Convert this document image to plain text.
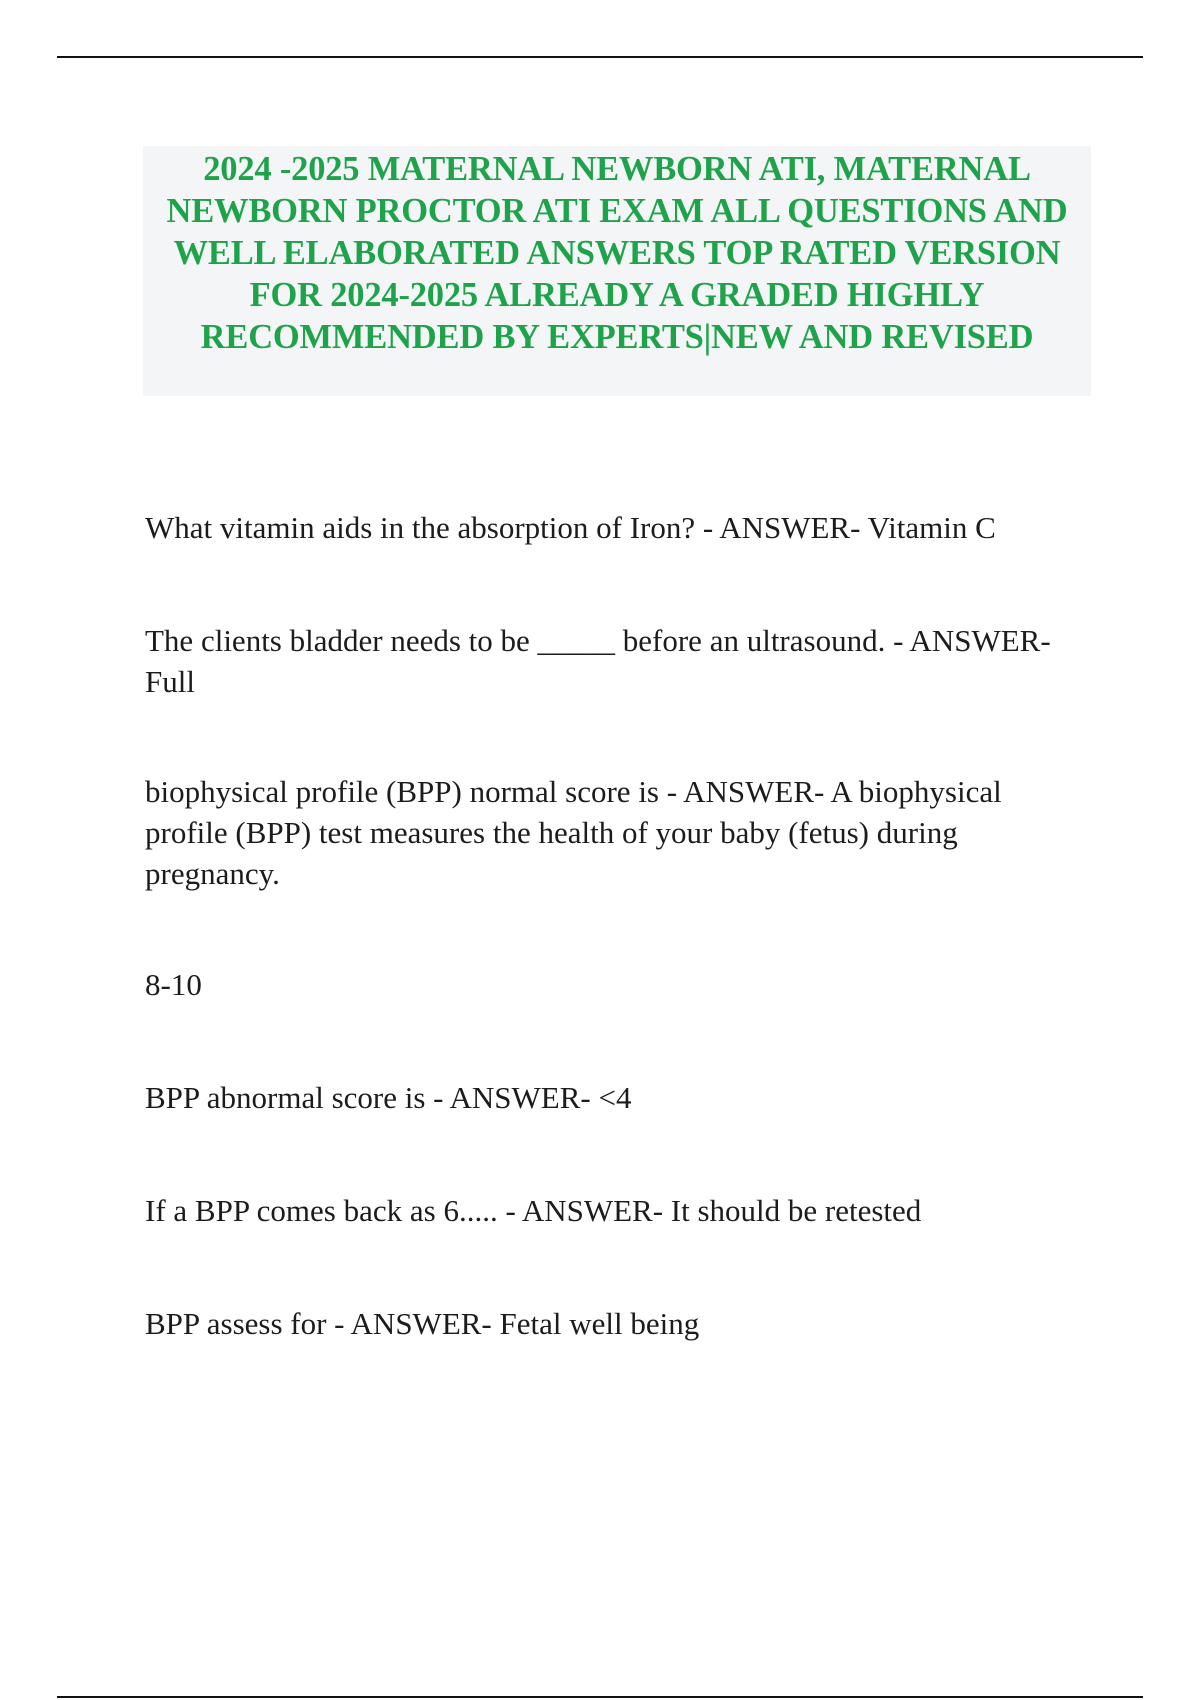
2024 -2025 MATERNAL NEWBORN ATI, MATERNAL NEWBORN PROCTOR ATI EXAM ALL QUESTIONS AND WELL ELABORATED ANSWERS TOP RATED VERSION FOR 2024-2025 ALREADY A GRADED HIGHLY RECOMMENDED BY EXPERTS|NEW AND REVISED

What vitamin aids in the absorption of Iron? - ANSWER- Vitamin C

The clients bladder needs to be _____ before an ultrasound. - ANSWER- Full

biophysical profile (BPP) normal score is - ANSWER- A biophysical profile (BPP) test measures the health of your baby (fetus) during pregnancy.

8-10

BPP abnormal score is - ANSWER- <4

If a BPP comes back as 6..... - ANSWER- It should be retested

BPP assess for - ANSWER- Fetal well being
